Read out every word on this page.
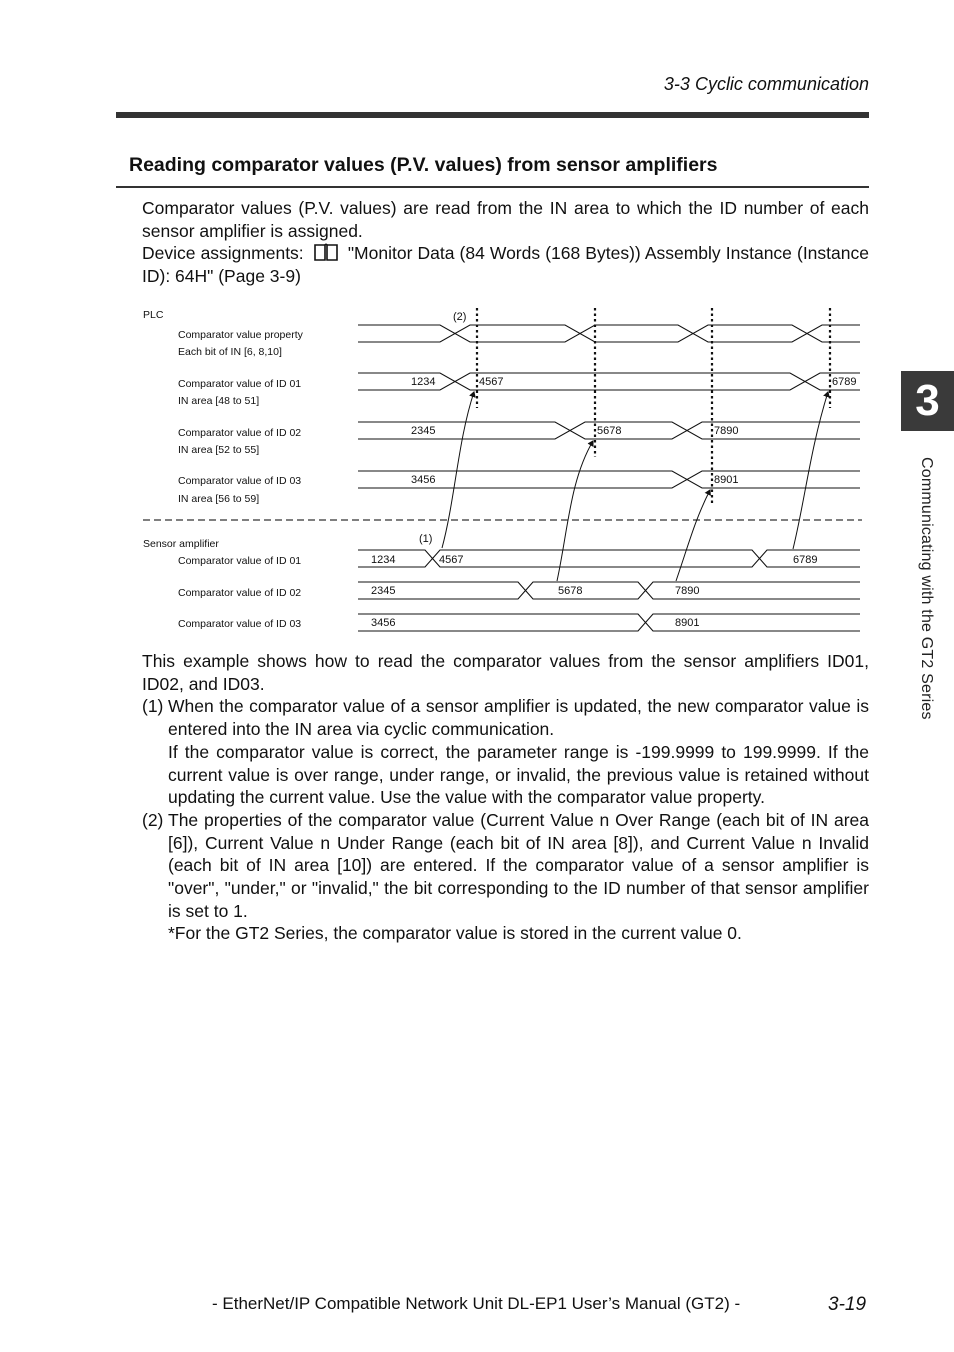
3-3 Cyclic communication
Reading comparator values (P.V. values) from sensor amplifiers

Comparator values (P.V. values) are read from the IN area to which the ID number of each sensor amplifier is assigned.

Device assignments:	"Monitor Data (84 Words (168 Bytes)) Assembly Instance (Instance ID): 64H" (Page 3-9)

PLC
Comparator value property
Each bit of IN [6, 8,10]
Comparator value of ID 01
IN area [48 to 51]
Comparator value of ID 02
IN area [52 to 55]
Comparator value of ID 03
IN area [56 to 59]
Sensor amplifier
Comparator value of ID 01
Comparator value of ID 02
Comparator value of ID 03
(2)
(1)
1234	4567	6789
2345	5678	7890
3456	8901
1234	4567	6789
2345	5678	7890
3456	8901

This example shows how to read the comparator values from the sensor amplifiers ID01, ID02, and ID03.

(1) When the comparator value of a sensor amplifier is updated, the new comparator value is entered into the IN area via cyclic communication.

If the comparator value is correct, the parameter range is -199.9999 to 199.9999. If the current value is over range, under range, or invalid, the previous value is retained without updating the current value. Use the value with the comparator value property.

(2) The properties of the comparator value (Current Value n Over Range (each bit of IN area [6]), Current Value n Under Range (each bit of IN area [8]), and Current Value n Invalid (each bit of IN area [10]) are entered. If the comparator value of a sensor amplifier is "over", "under," or "invalid," the bit corresponding to the ID number of that sensor amplifier is set to 1.

*For the GT2 Series, the comparator value is stored in the current value 0.

3
Communicating with the GT2 Series
- EtherNet/IP Compatible Network Unit DL-EP1 User’s Manual (GT2) -	3-19
